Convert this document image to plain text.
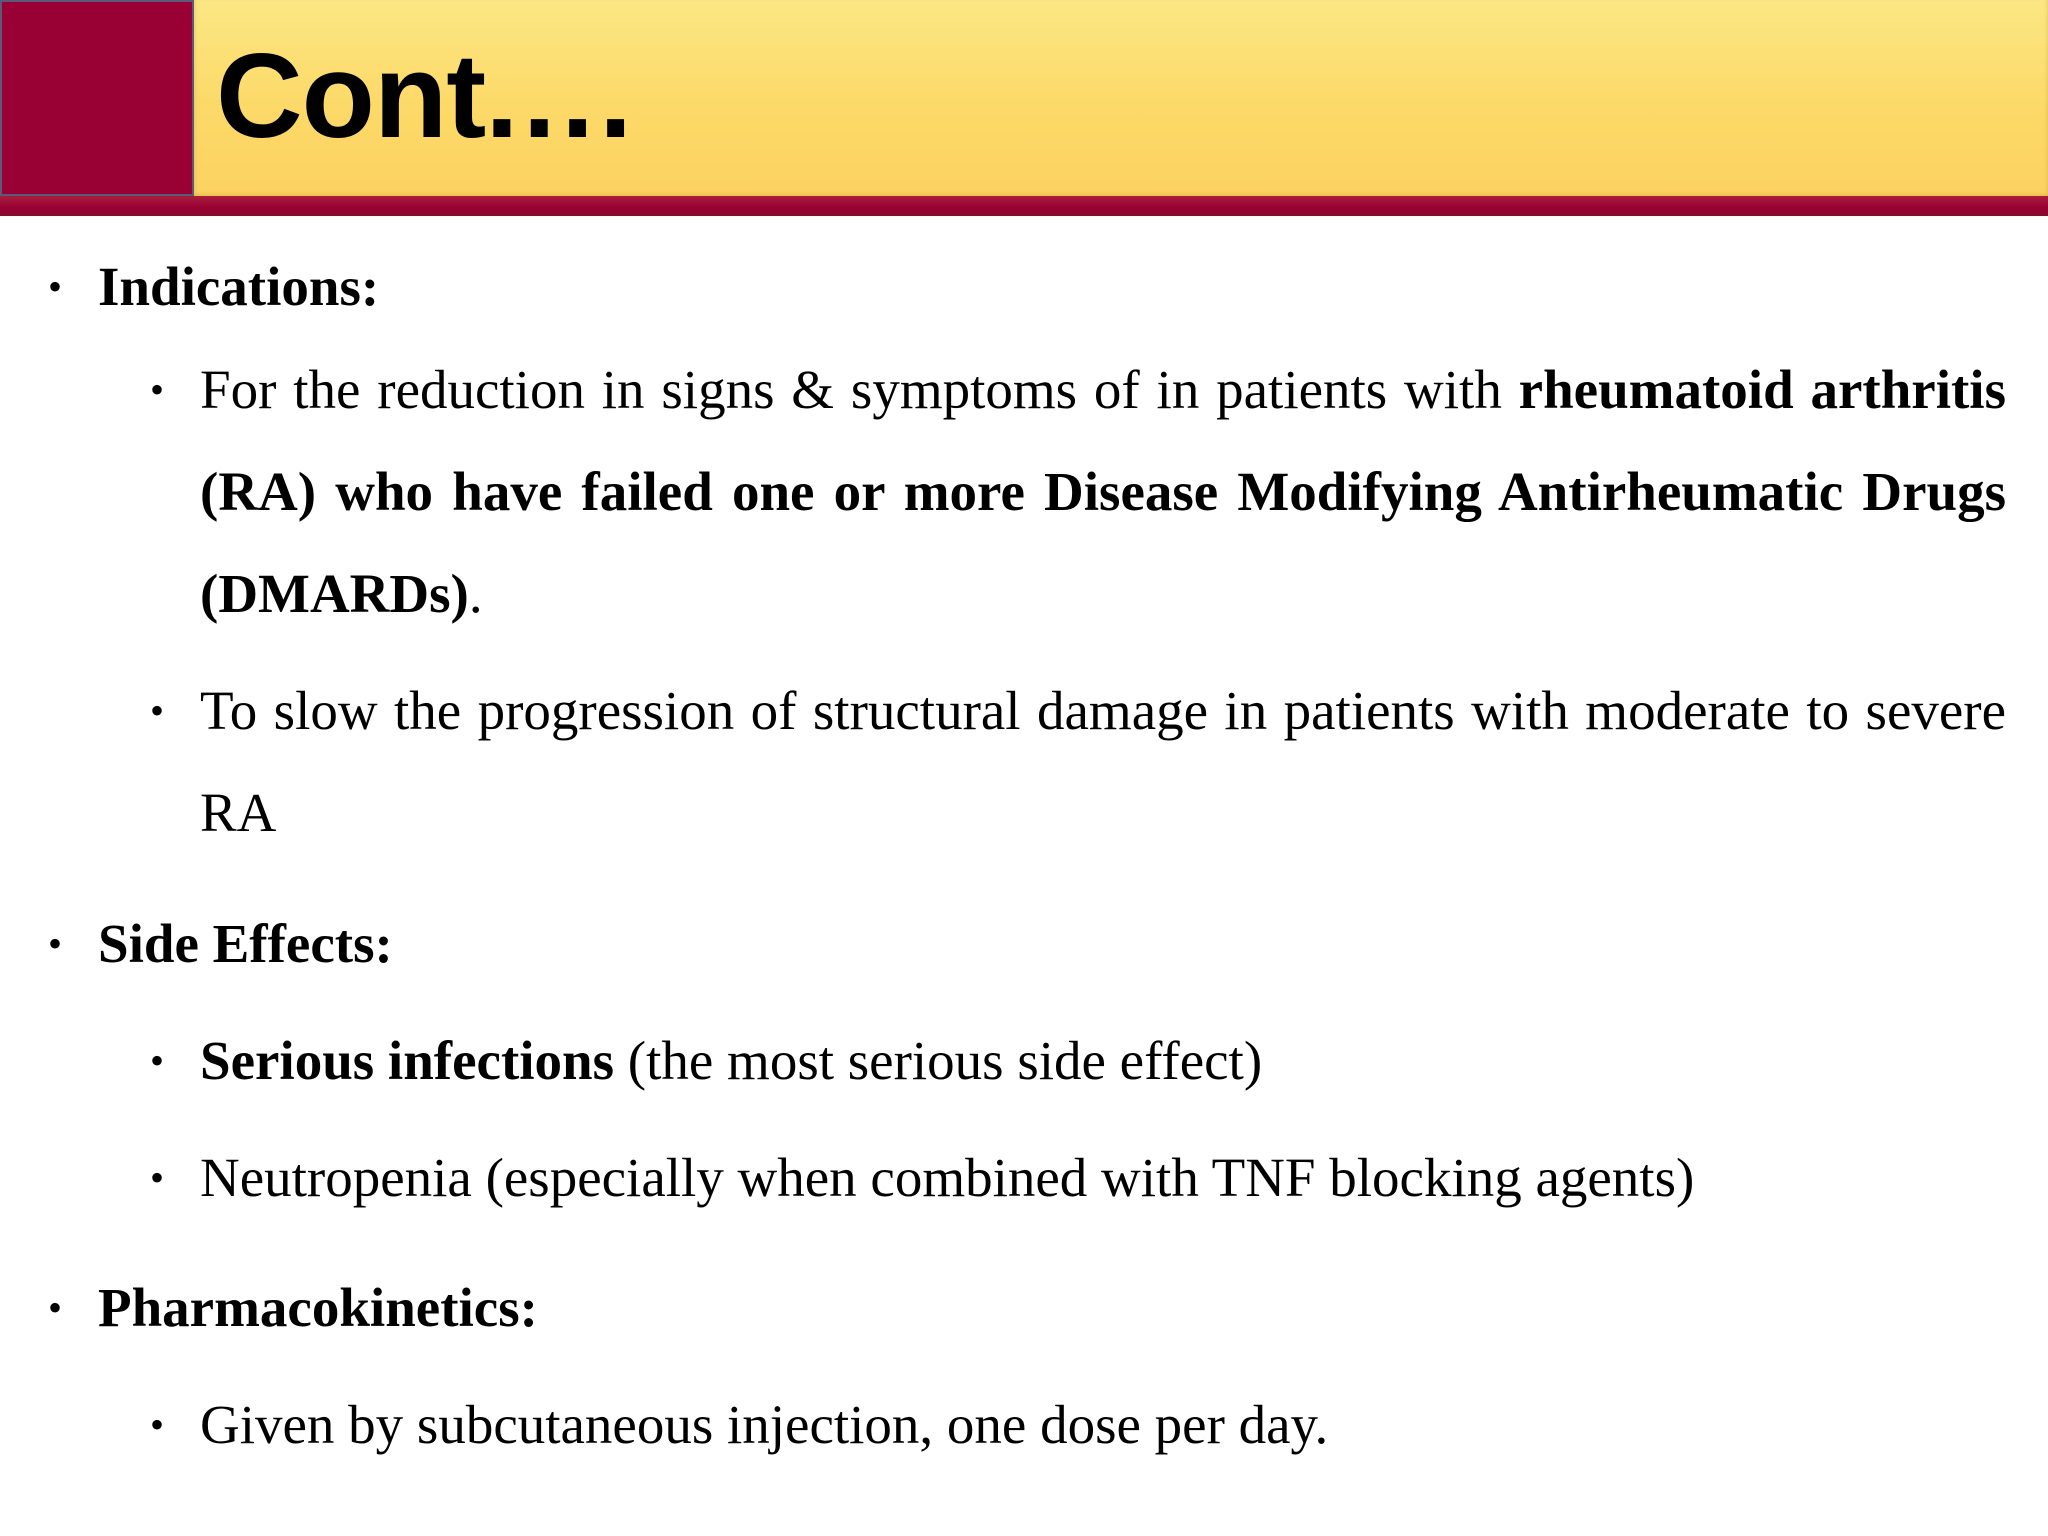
Cont.…
• Indications:
• For the reduction in signs & symptoms of in patients with rheumatoid arthritis (RA) who have failed one or more Disease Modifying Antirheumatic Drugs (DMARDs).
• To slow the progression of structural damage in patients with moderate to severe RA
• Side Effects:
• Serious infections (the most serious side effect)
• Neutropenia (especially when combined with TNF blocking agents)
• Pharmacokinetics:
• Given by subcutaneous injection, one dose per day.
